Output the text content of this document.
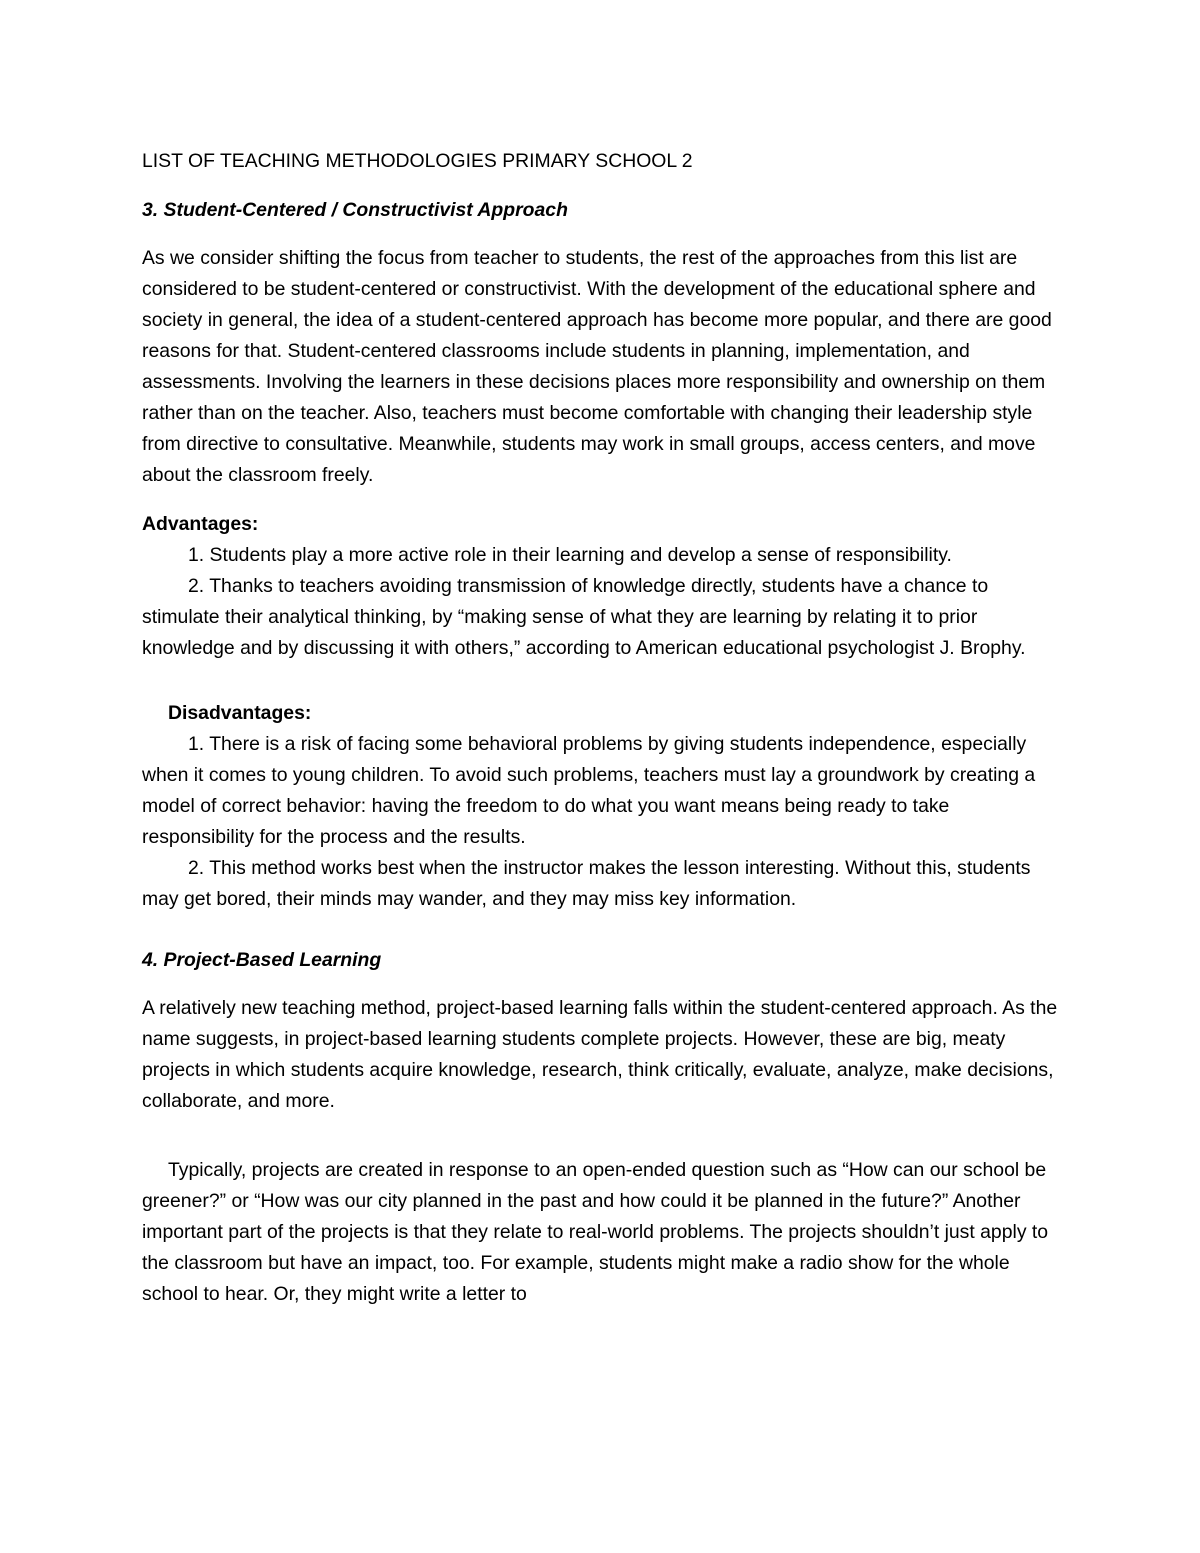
LIST OF TEACHING METHODOLOGIES PRIMARY SCHOOL 2

3. Student-Centered / Constructivist Approach

As we consider shifting the focus from teacher to students, the rest of the approaches from this list are considered to be student-centered or constructivist. With the development of the educational sphere and society in general, the idea of a student-centered approach has become more popular, and there are good reasons for that. Student-centered classrooms include students in planning, implementation, and assessments. Involving the learners in these decisions places more responsibility and ownership on them rather than on the teacher. Also, teachers must become comfortable with changing their leadership style from directive to consultative. Meanwhile, students may work in small groups, access centers, and move about the classroom freely.

Advantages:

1. Students play a more active role in their learning and develop a sense of responsibility.

2. Thanks to teachers avoiding transmission of knowledge directly, students have a chance to stimulate their analytical thinking, by “making sense of what they are learning by relating it to prior knowledge and by discussing it with others,” according to American educational psychologist J. Brophy.

Disadvantages:

1. There is a risk of facing some behavioral problems by giving students independence, especially when it comes to young children. To avoid such problems, teachers must lay a groundwork by creating a model of correct behavior: having the freedom to do what you want means being ready to take responsibility for the process and the results.

2. This method works best when the instructor makes the lesson interesting. Without this, students may get bored, their minds may wander, and they may miss key information.

4. Project-Based Learning

A relatively new teaching method, project-based learning falls within the student-centered approach. As the name suggests, in project-based learning students complete projects. However, these are big, meaty projects in which students acquire knowledge, research, think critically, evaluate, analyze, make decisions, collaborate, and more.

Typically, projects are created in response to an open-ended question such as “How can our school be greener?” or “How was our city planned in the past and how could it be planned in the future?” Another important part of the projects is that they relate to real-world problems. The projects shouldn’t just apply to the classroom but have an impact, too. For example, students might make a radio show for the whole school to hear. Or, they might write a letter to
